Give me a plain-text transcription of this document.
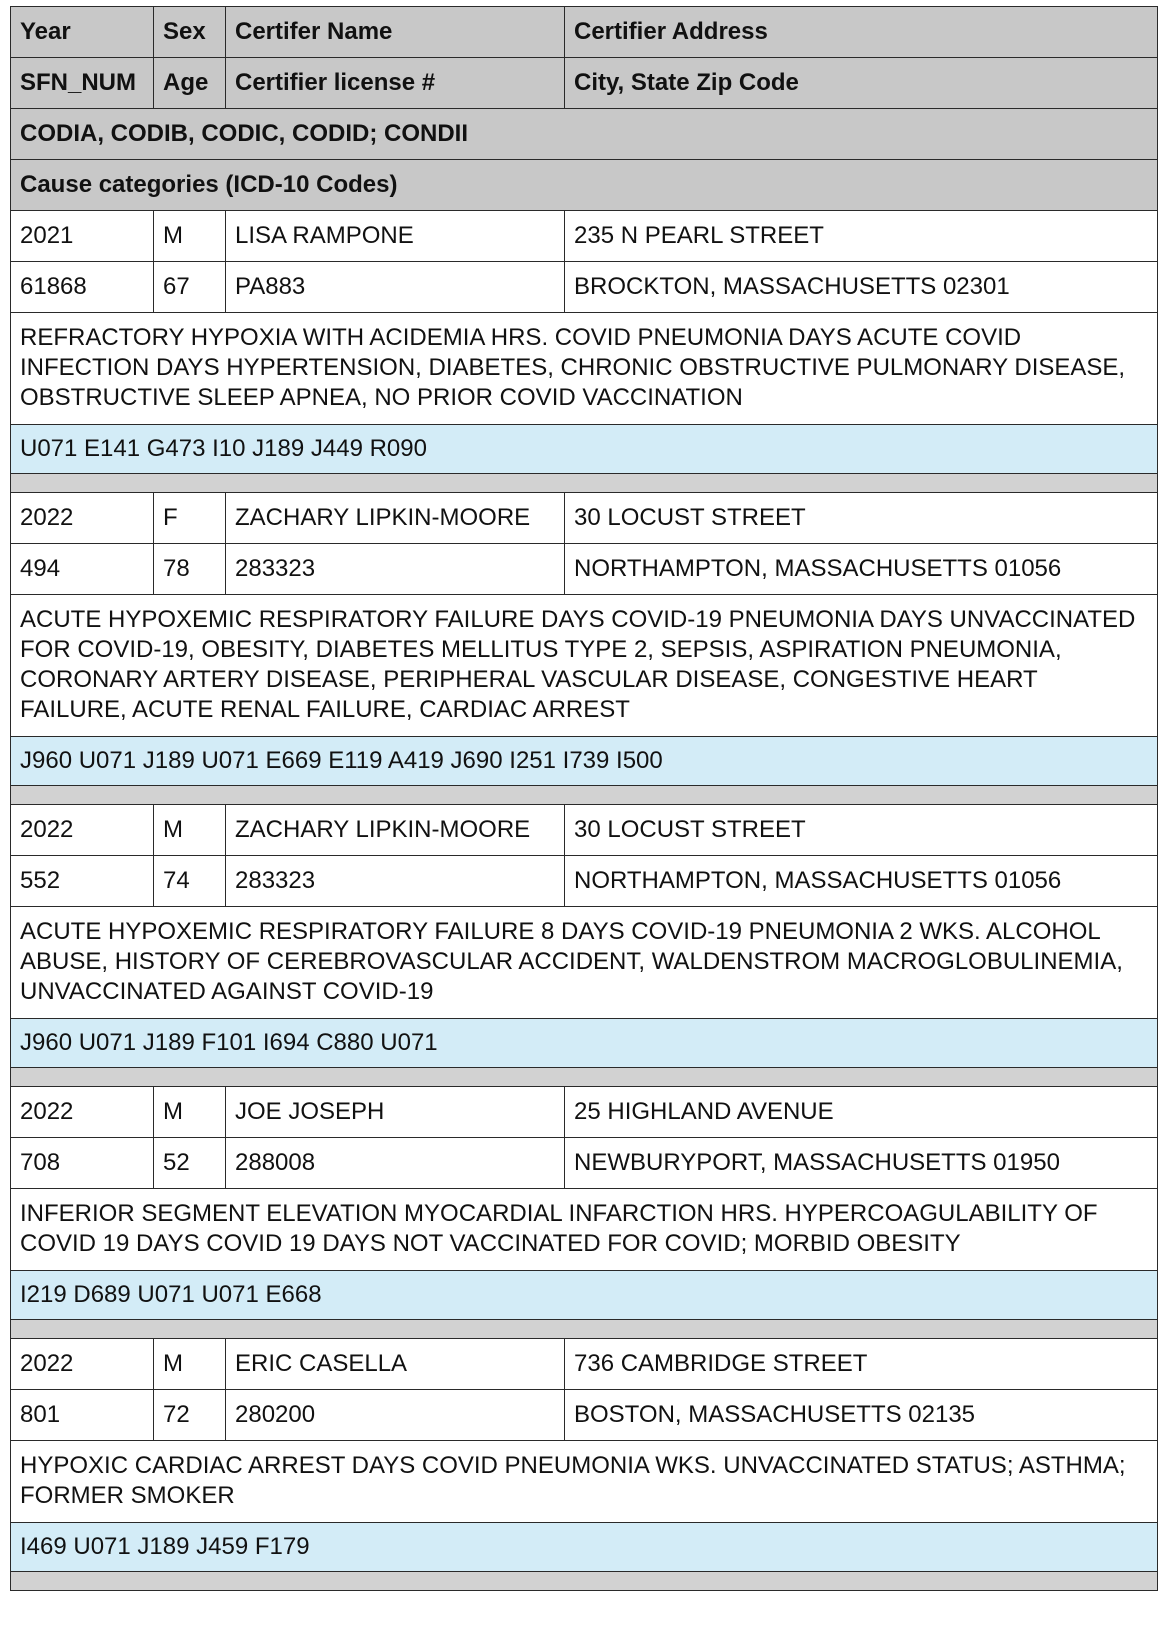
Year	Sex	Certifer Name	Certifier Address
SFN_NUM	Age	Certifier license #	City, State Zip Code
CODIA, CODIB, CODIC, CODID; CONDII			
Cause categories (ICD-10 Codes)			
2021	M	LISA RAMPONE	235 N PEARL STREET
61868	67	PA883	BROCKTON, MASSACHUSETTS 02301
REFRACTORY HYPOXIA WITH ACIDEMIA HRS. COVID PNEUMONIA DAYS ACUTE COVID INFECTION DAYS HYPERTENSION, DIABETES, CHRONIC OBSTRUCTIVE PULMONARY DISEASE, OBSTRUCTIVE SLEEP APNEA, NO PRIOR COVID VACCINATION			
U071 E141 G473 I10 J189 J449 R090			

2022	F	ZACHARY LIPKIN-MOORE	30 LOCUST STREET
494	78	283323	NORTHAMPTON, MASSACHUSETTS 01056
ACUTE HYPOXEMIC RESPIRATORY FAILURE DAYS COVID-19 PNEUMONIA DAYS UNVACCINATED FOR COVID-19, OBESITY, DIABETES MELLITUS TYPE 2, SEPSIS, ASPIRATION PNEUMONIA, CORONARY ARTERY DISEASE, PERIPHERAL VASCULAR DISEASE, CONGESTIVE HEART FAILURE, ACUTE RENAL FAILURE, CARDIAC ARREST			
J960 U071 J189 U071 E669 E119 A419 J690 I251 I739 I500			

2022	M	ZACHARY LIPKIN-MOORE	30 LOCUST STREET
552	74	283323	NORTHAMPTON, MASSACHUSETTS 01056
ACUTE HYPOXEMIC RESPIRATORY FAILURE 8 DAYS COVID-19 PNEUMONIA 2 WKS. ALCOHOL ABUSE, HISTORY OF CEREBROVASCULAR ACCIDENT, WALDENSTROM MACROGLOBULINEMIA, UNVACCINATED AGAINST COVID-19			
J960 U071 J189 F101 I694 C880 U071			

2022	M	JOE JOSEPH	25 HIGHLAND AVENUE
708	52	288008	NEWBURYPORT, MASSACHUSETTS 01950
INFERIOR SEGMENT ELEVATION MYOCARDIAL INFARCTION HRS. HYPERCOAGULABILITY OF COVID 19 DAYS COVID 19 DAYS NOT VACCINATED FOR COVID; MORBID OBESITY			
I219 D689 U071 U071 E668			

2022	M	ERIC CASELLA	736 CAMBRIDGE STREET
801	72	280200	BOSTON, MASSACHUSETTS 02135
HYPOXIC CARDIAC ARREST DAYS COVID PNEUMONIA WKS. UNVACCINATED STATUS; ASTHMA; FORMER SMOKER			
I469 U071 J189 J459 F179			
